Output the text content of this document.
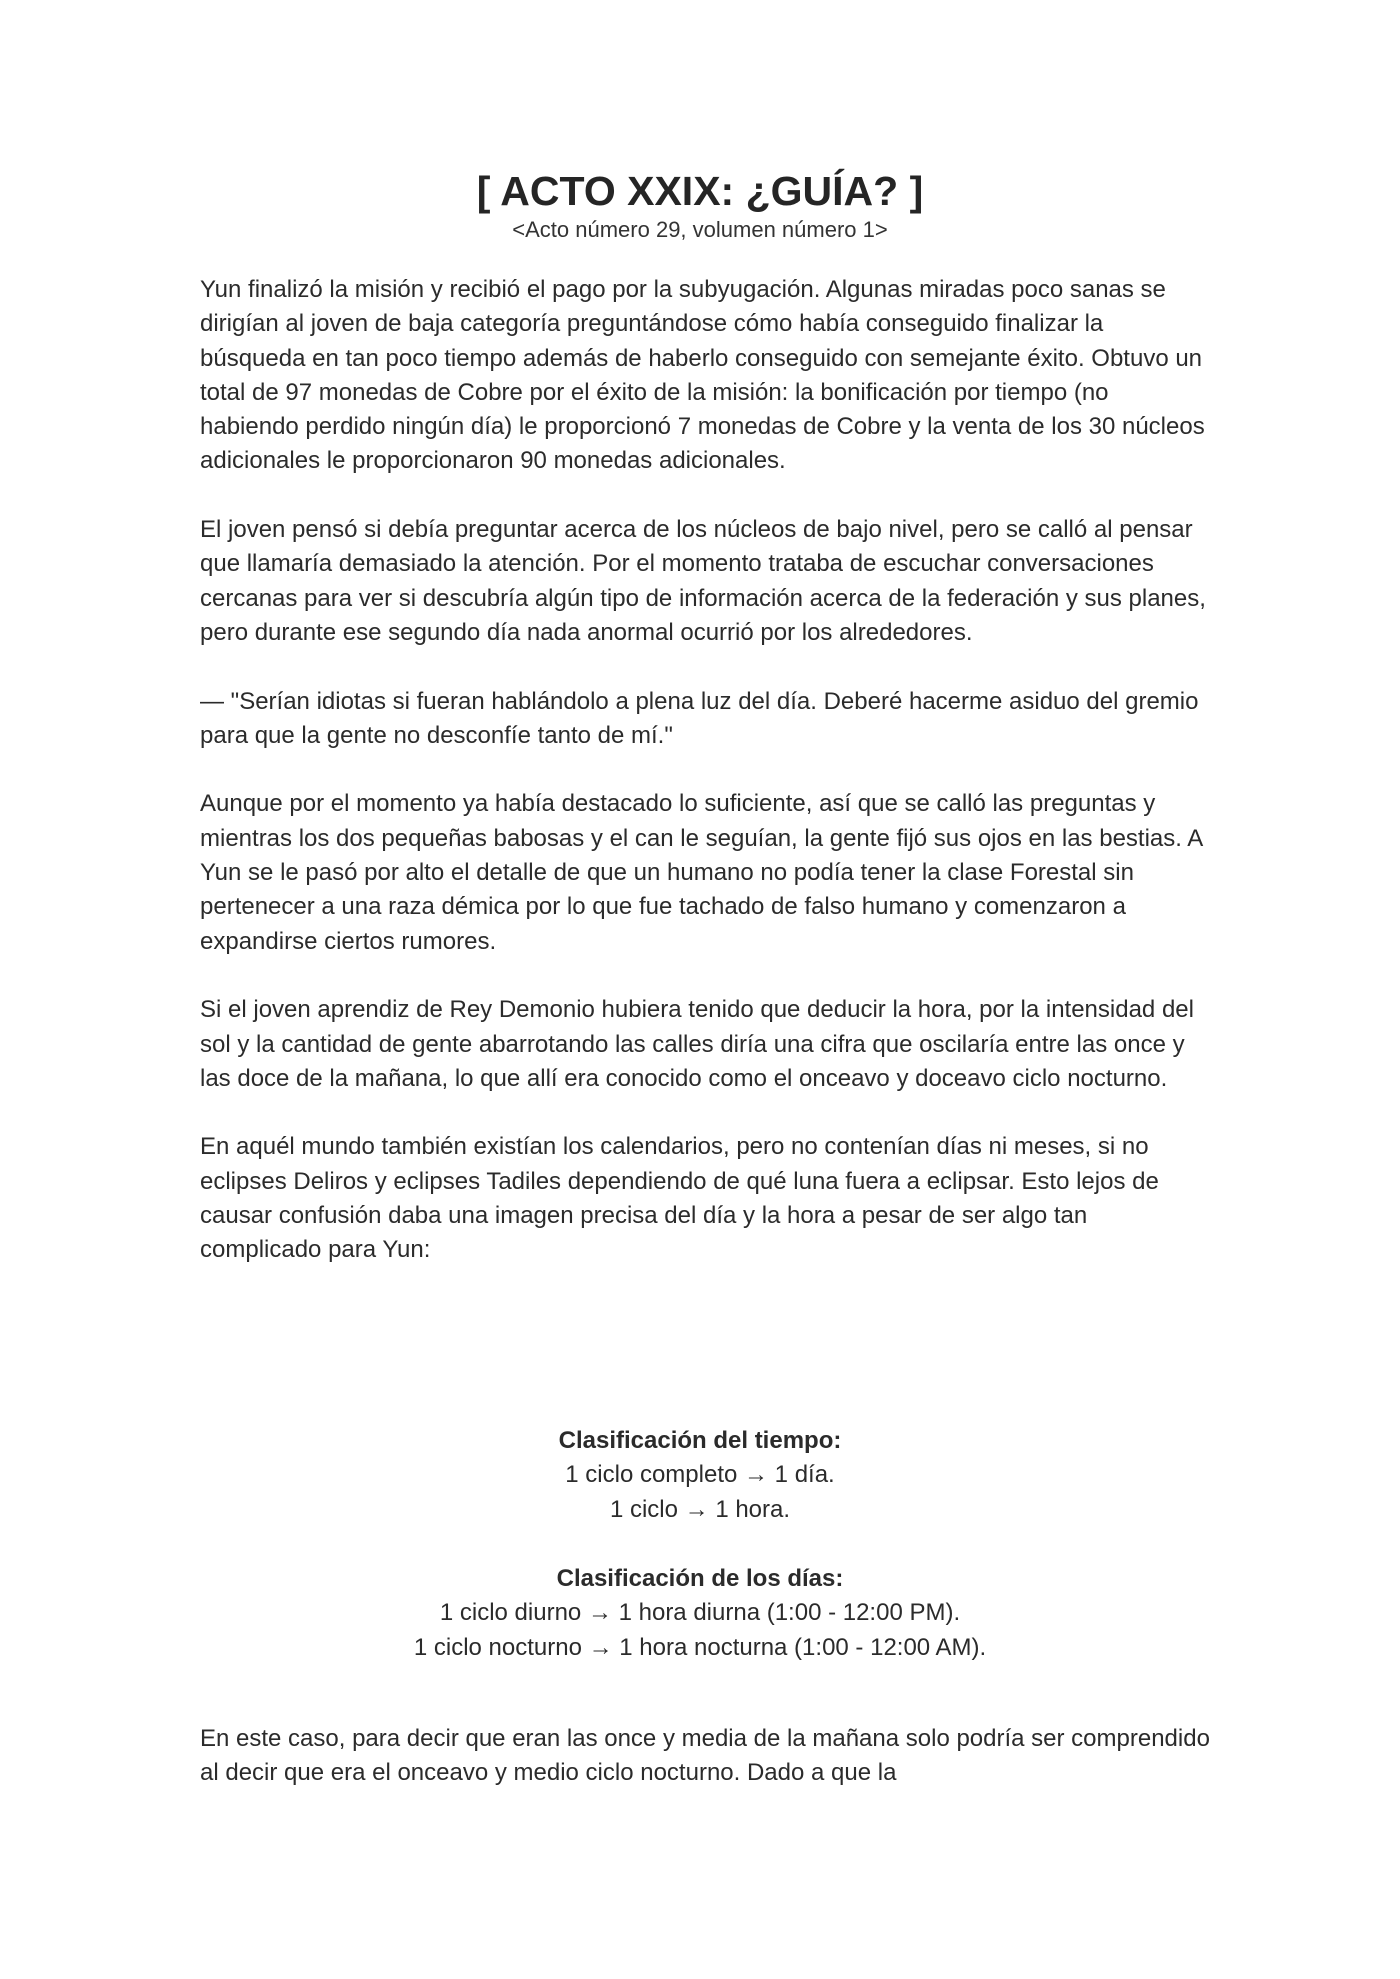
[ ACTO XXIX: ¿GUÍA? ]

<Acto número 29, volumen número 1>

Yun finalizó la misión y recibió el pago por la subyugación. Algunas miradas poco sanas se dirigían al joven de baja categoría preguntándose cómo había conseguido finalizar la búsqueda en tan poco tiempo además de haberlo conseguido con semejante éxito. Obtuvo un total de 97 monedas de Cobre por el éxito de la misión: la bonificación por tiempo (no habiendo perdido ningún día) le proporcionó 7 monedas de Cobre y la venta de los 30 núcleos adicionales le proporcionaron 90 monedas adicionales.

El joven pensó si debía preguntar acerca de los núcleos de bajo nivel, pero se calló al pensar que llamaría demasiado la atención. Por el momento trataba de escuchar conversaciones cercanas para ver si descubría algún tipo de información acerca de la federación y sus planes, pero durante ese segundo día nada anormal ocurrió por los alrededores.

— "Serían idiotas si fueran hablándolo a plena luz del día. Deberé hacerme asiduo del gremio para que la gente no desconfíe tanto de mí."

Aunque por el momento ya había destacado lo suficiente, así que se calló las preguntas y mientras los dos pequeñas babosas y el can le seguían, la gente fijó sus ojos en las bestias. A Yun se le pasó por alto el detalle de que un humano no podía tener la clase Forestal sin pertenecer a una raza démica por lo que fue tachado de falso humano y comenzaron a expandirse ciertos rumores.

Si el joven aprendiz de Rey Demonio hubiera tenido que deducir la hora, por la intensidad del sol y la cantidad de gente abarrotando las calles diría una cifra que oscilaría entre las once y las doce de la mañana, lo que allí era conocido como el onceavo y doceavo ciclo nocturno.

En aquél mundo también existían los calendarios, pero no contenían días ni meses, si no eclipses Deliros y eclipses Tadiles dependiendo de qué luna fuera a eclipsar. Esto lejos de causar confusión daba una imagen precisa del día y la hora a pesar de ser algo tan complicado para Yun:

Clasificación del tiempo:
1 ciclo completo → 1 día.
1 ciclo → 1 hora.
Clasificación de los días:
1 ciclo diurno → 1 hora diurna (1:00 - 12:00 PM).
1 ciclo nocturno → 1 hora nocturna (1:00 - 12:00 AM).

En este caso, para decir que eran las once y media de la mañana solo podría ser comprendido al decir que era el onceavo y medio ciclo nocturno. Dado a que la
